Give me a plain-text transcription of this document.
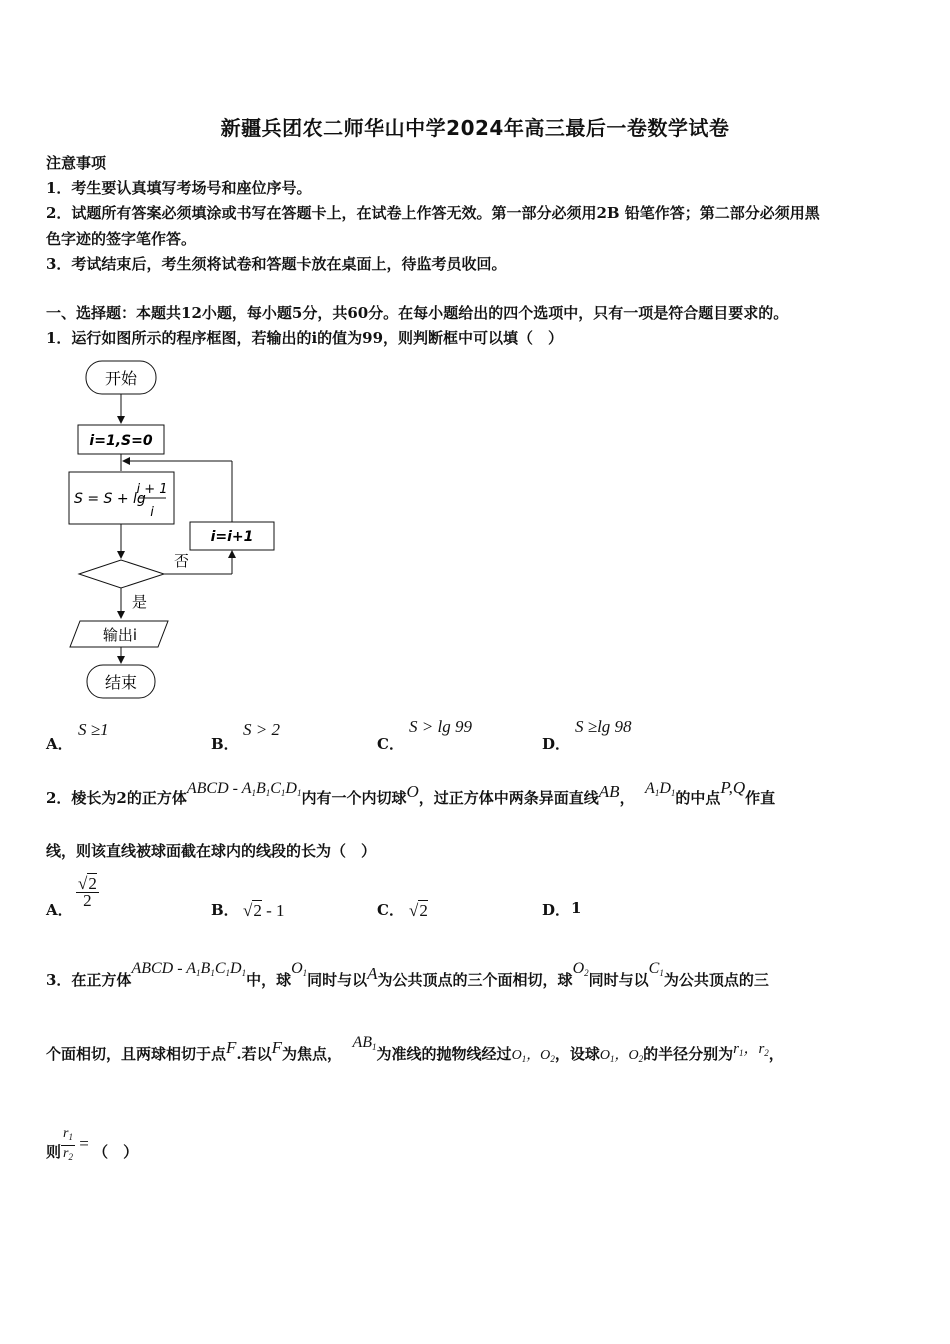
新疆兵团农二师华山中学2024年高三最后一卷数学试卷
注意事项
1．考生要认真填写考场号和座位序号。
2．试题所有答案必须填涂或书写在答题卡上，在试卷上作答无效。第一部分必须用2B 铅笔作答；第二部分必须用黑
色字迹的签字笔作答。
3．考试结束后，考生须将试卷和答题卡放在桌面上，待监考员收回。
一、选择题：本题共12小题，每小题5分，共60分。在每小题给出的四个选项中，只有一项是符合题目要求的。
1．运行如图所示的程序框图，若输出的ⅰ的值为99，则判断框中可以填（　）
开始
i=1,S=0
S = S + lg
i + 1
i
i=i+1
否
是
输出i
结束
A．
S ≥1
B．
S > 2
C．
S > lg 99
D．
S ≥lg 98
2．棱长为2的正方体ABCD - $A_1B_1C_1D_1$内有一个内切球O，过正方体中两条异面直线AB，  $A_1D_1$的中点P,Q作直
线，则该直线被球面截在球内的线段的长为（　）
A．
$\frac{√2}{2}$
B． √2 - 1	C． √2	D． 1
3．在正方体ABCD - $A_1B_1C_1D_1$中，球$O_1$同时与以A为公共顶点的三个面相切，球$O_2$同时与以$C_1$为公共顶点的三
个面相切，且两球相切于点F.若以F为焦点，  $AB_1$为准线的抛物线经过$O_1$，$O_2$，设球$O_1$，$O_2$的半径分别为$r_1$，$r_2$，
则 $\frac{r_1}{r_2}$ = （　）
